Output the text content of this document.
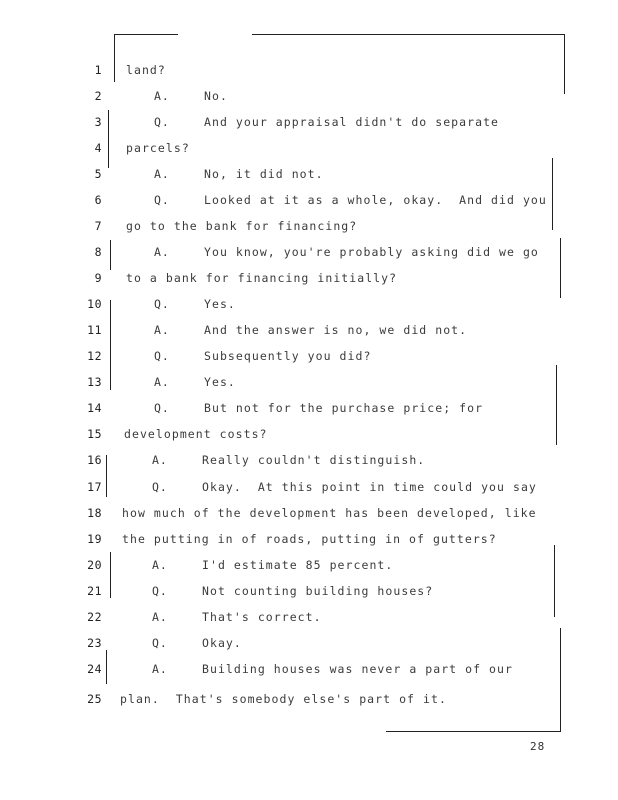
1 land?
2	A.	No.
3	Q.	And your appraisal didn't do separate
4 parcels?
5	A.	No, it did not.
6	Q.	Looked at it as a whole, okay.  And did you
7 go to the bank for financing?
8	A.	You know, you're probably asking did we go
9 to a bank for financing initially?
10	Q.	Yes.
11	A.	And the answer is no, we did not.
12	Q.	Subsequently you did?
13	A.	Yes.
14	Q.	But not for the purchase price; for
15 development costs?
16	A.	Really couldn't distinguish.
17	Q.	Okay.  At this point in time could you say
18 how much of the development has been developed, like
19 the putting in of roads, putting in of gutters?
20	A.	I'd estimate 85 percent.
21	Q.	Not counting building houses?
22	A.	That's correct.
23	Q.	Okay.
24	A.	Building houses was never a part of our
25 plan.  That's somebody else's part of it.
28
